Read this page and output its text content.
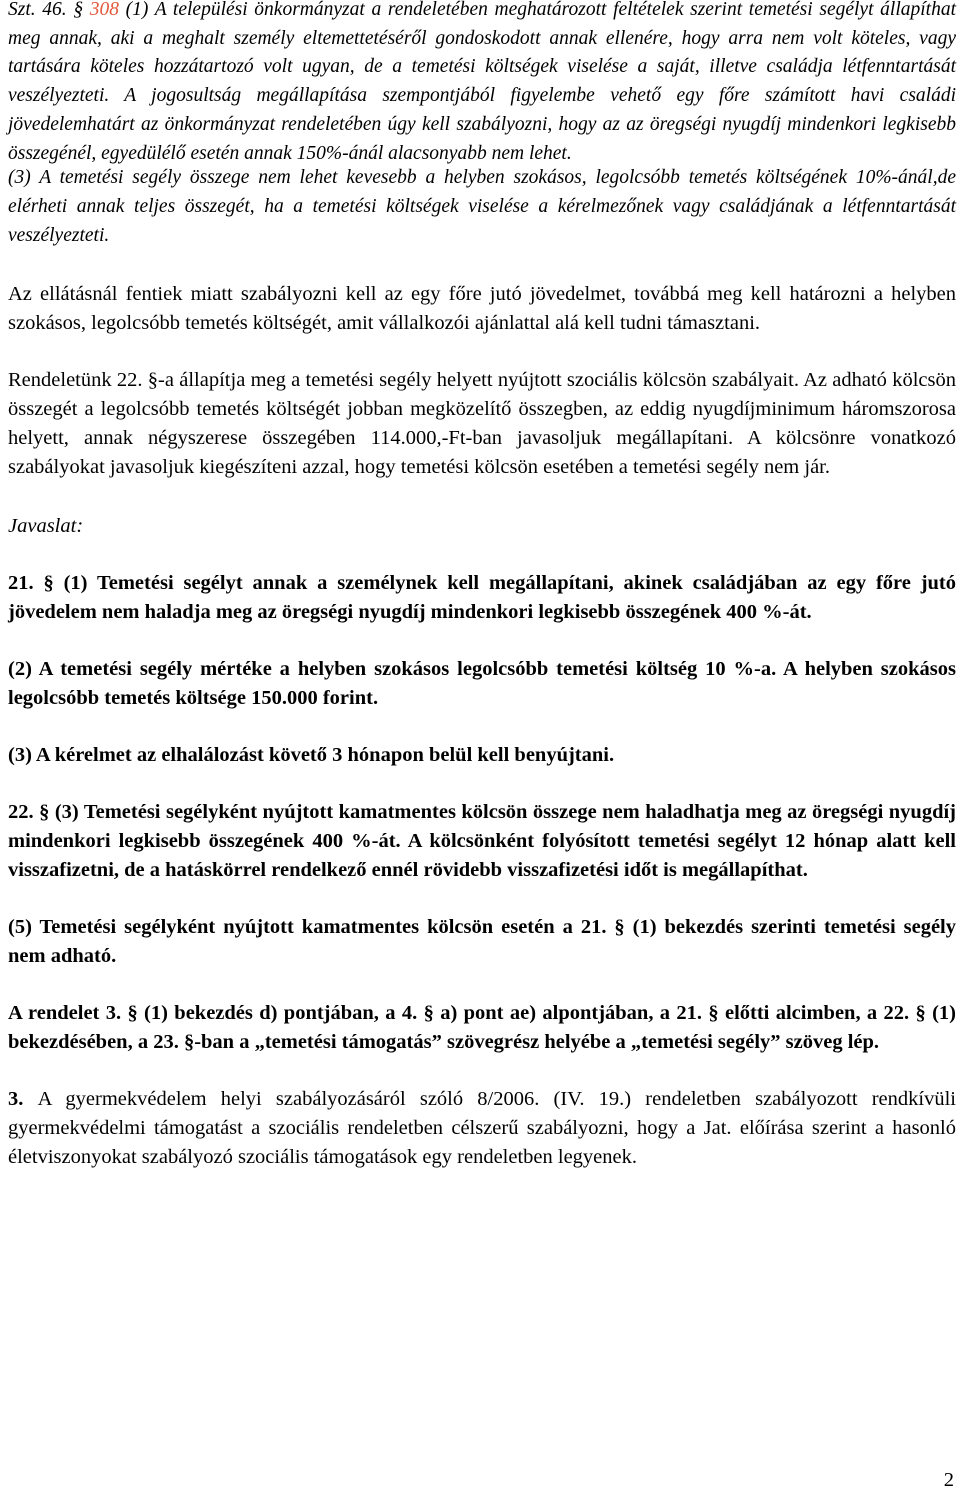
Szt. 46. § 308 (1) A települési önkormányzat a rendeletében meghatározott feltételek szerint temetési segélyt állapíthat meg annak, aki a meghalt személy eltemettetéséről gondoskodott annak ellenére, hogy arra nem volt köteles, vagy tartására köteles hozzátartozó volt ugyan, de a temetési költségek viselése a saját, illetve családja létfenntartását veszélyezteti. A jogosultság megállapítása szempontjából figyelembe vehető egy főre számított havi családi jövedelemhatárt az önkormányzat rendeletében úgy kell szabályozni, hogy az az öregségi nyugdíj mindenkori legkisebb összegénél, egyedülélő esetén annak 150%-ánál alacsonyabb nem lehet.

(3) A temetési segély összege nem lehet kevesebb a helyben szokásos, legolcsóbb temetés költségének 10%-ánál,de elérheti annak teljes összegét, ha a temetési költségek viselése a kérelmezőnek vagy családjának a létfenntartását veszélyezteti.

Az ellátásnál fentiek miatt szabályozni kell az egy főre jutó jövedelmet, továbbá meg kell határozni a helyben szokásos, legolcsóbb temetés költségét, amit vállalkozói ajánlattal alá kell tudni támasztani.

Rendeletünk 22. §-a állapítja meg a temetési segély helyett nyújtott szociális kölcsön szabályait. Az adható kölcsön összegét a legolcsóbb temetés költségét jobban megközelítő összegben, az eddig nyugdíjminimum háromszorosa helyett, annak négyszerese összegében 114.000,-Ft-ban javasoljuk megállapítani. A kölcsönre vonatkozó szabályokat javasoljuk kiegészíteni azzal, hogy temetési kölcsön esetében a temetési segély nem jár.

Javaslat:

21. § (1) Temetési segélyt annak a személynek kell megállapítani, akinek családjában az egy főre jutó jövedelem nem haladja meg az öregségi nyugdíj mindenkori legkisebb összegének 400 %-át.

(2) A temetési segély mértéke a helyben szokásos legolcsóbb temetési költség 10 %-a. A helyben szokásos legolcsóbb temetés költsége 150.000 forint.

(3) A kérelmet az elhalálozást követő 3 hónapon belül kell benyújtani.

22. § (3) Temetési segélyként nyújtott kamatmentes kölcsön összege nem haladhatja meg az öregségi nyugdíj mindenkori legkisebb összegének 400 %-át. A kölcsönként folyósított temetési segélyt 12 hónap alatt kell visszafizetni, de a hatáskörrel rendelkező ennél rövidebb visszafizetési időt is megállapíthat.

(5) Temetési segélyként nyújtott kamatmentes kölcsön esetén a 21. § (1) bekezdés szerinti temetési segély nem adható.

A rendelet 3. § (1) bekezdés d) pontjában, a 4. § a) pont ae) alpontjában, a 21. § előtti alcimben, a 22. § (1) bekezdésében, a 23. §-ban a „temetési támogatás” szövegrész helyébe a „temetési segély” szöveg lép.

3. A gyermekvédelem helyi szabályozásáról szóló 8/2006. (IV. 19.) rendeletben szabályozott rendkívüli gyermekvédelmi támogatást a szociális rendeletben célszerű szabályozni, hogy a Jat. előírása szerint a hasonló életviszonyokat szabályozó szociális támogatások egy rendeletben legyenek.

2
